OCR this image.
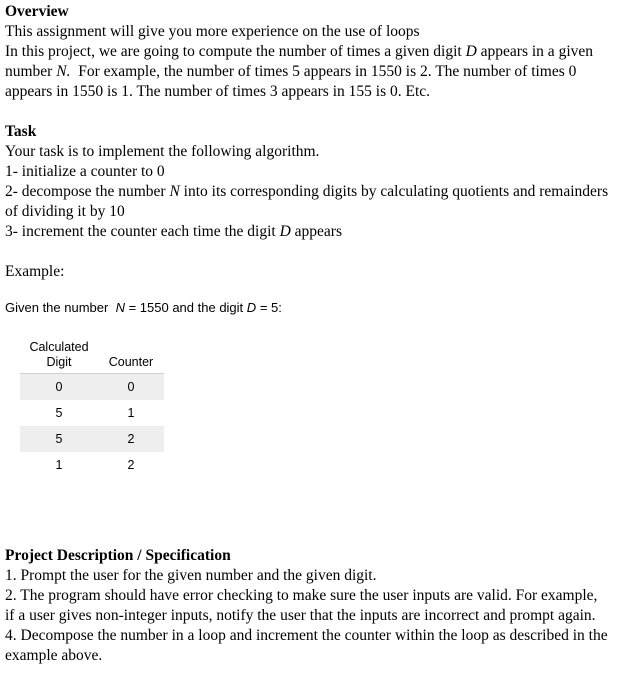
Overview
This assignment will give you more experience on the use of loops
In this project, we are going to compute the number of times a given digit D appears in a given
number N. For example, the number of times 5 appears in 1550 is 2. The number of times 0
appears in 1550 is 1. The number of times 3 appears in 155 is 0. Etc.
Task
Your task is to implement the following algorithm.
1- initialize a counter to 0
2- decompose the number N into its corresponding digits by calculating quotients and remainders
of dividing it by 10
3- increment the counter each time the digit D appears
Example:
Given the number N = 1550 and the digit D = 5:
Calculated
Digit	Counter
0	0
5	1
5	2
1	2
Project Description / Specification
1. Prompt the user for the given number and the given digit.
2. The program should have error checking to make sure the user inputs are valid. For example,
if a user gives non-integer inputs, notify the user that the inputs are incorrect and prompt again.
4. Decompose the number in a loop and increment the counter within the loop as described in the
example above.
